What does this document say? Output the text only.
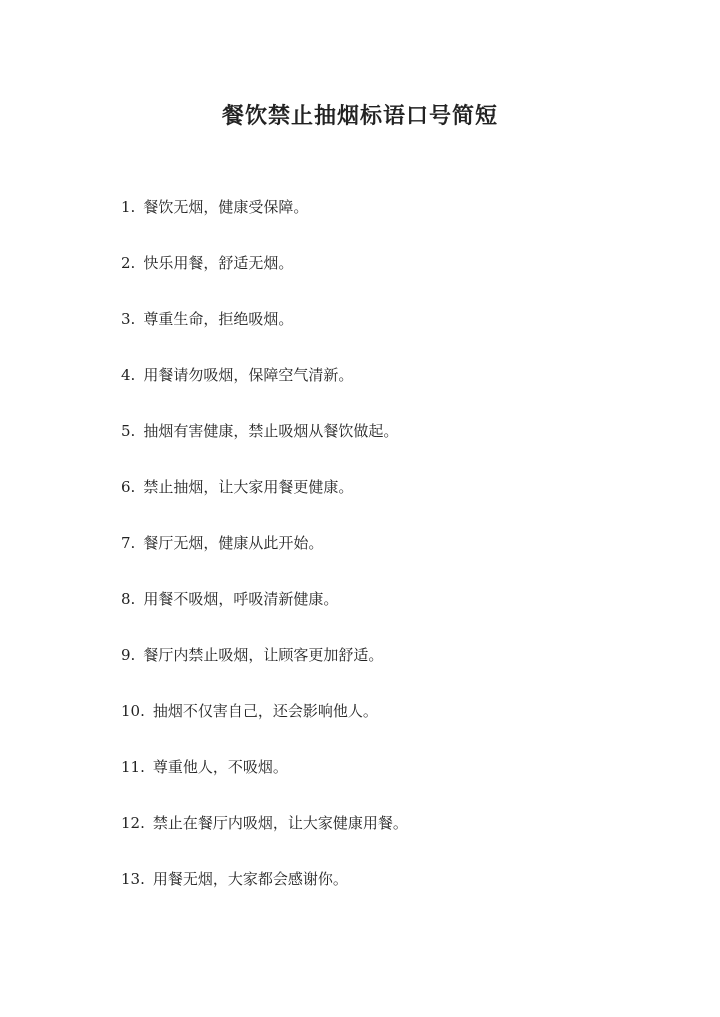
餐饮禁止抽烟标语口号简短
1. 餐饮无烟，健康受保障。
2. 快乐用餐，舒适无烟。
3. 尊重生命，拒绝吸烟。
4. 用餐请勿吸烟，保障空气清新。
5. 抽烟有害健康，禁止吸烟从餐饮做起。
6. 禁止抽烟，让大家用餐更健康。
7. 餐厅无烟，健康从此开始。
8. 用餐不吸烟，呼吸清新健康。
9. 餐厅内禁止吸烟，让顾客更加舒适。
10. 抽烟不仅害自己，还会影响他人。
11. 尊重他人，不吸烟。
12. 禁止在餐厅内吸烟，让大家健康用餐。
13. 用餐无烟，大家都会感谢你。
